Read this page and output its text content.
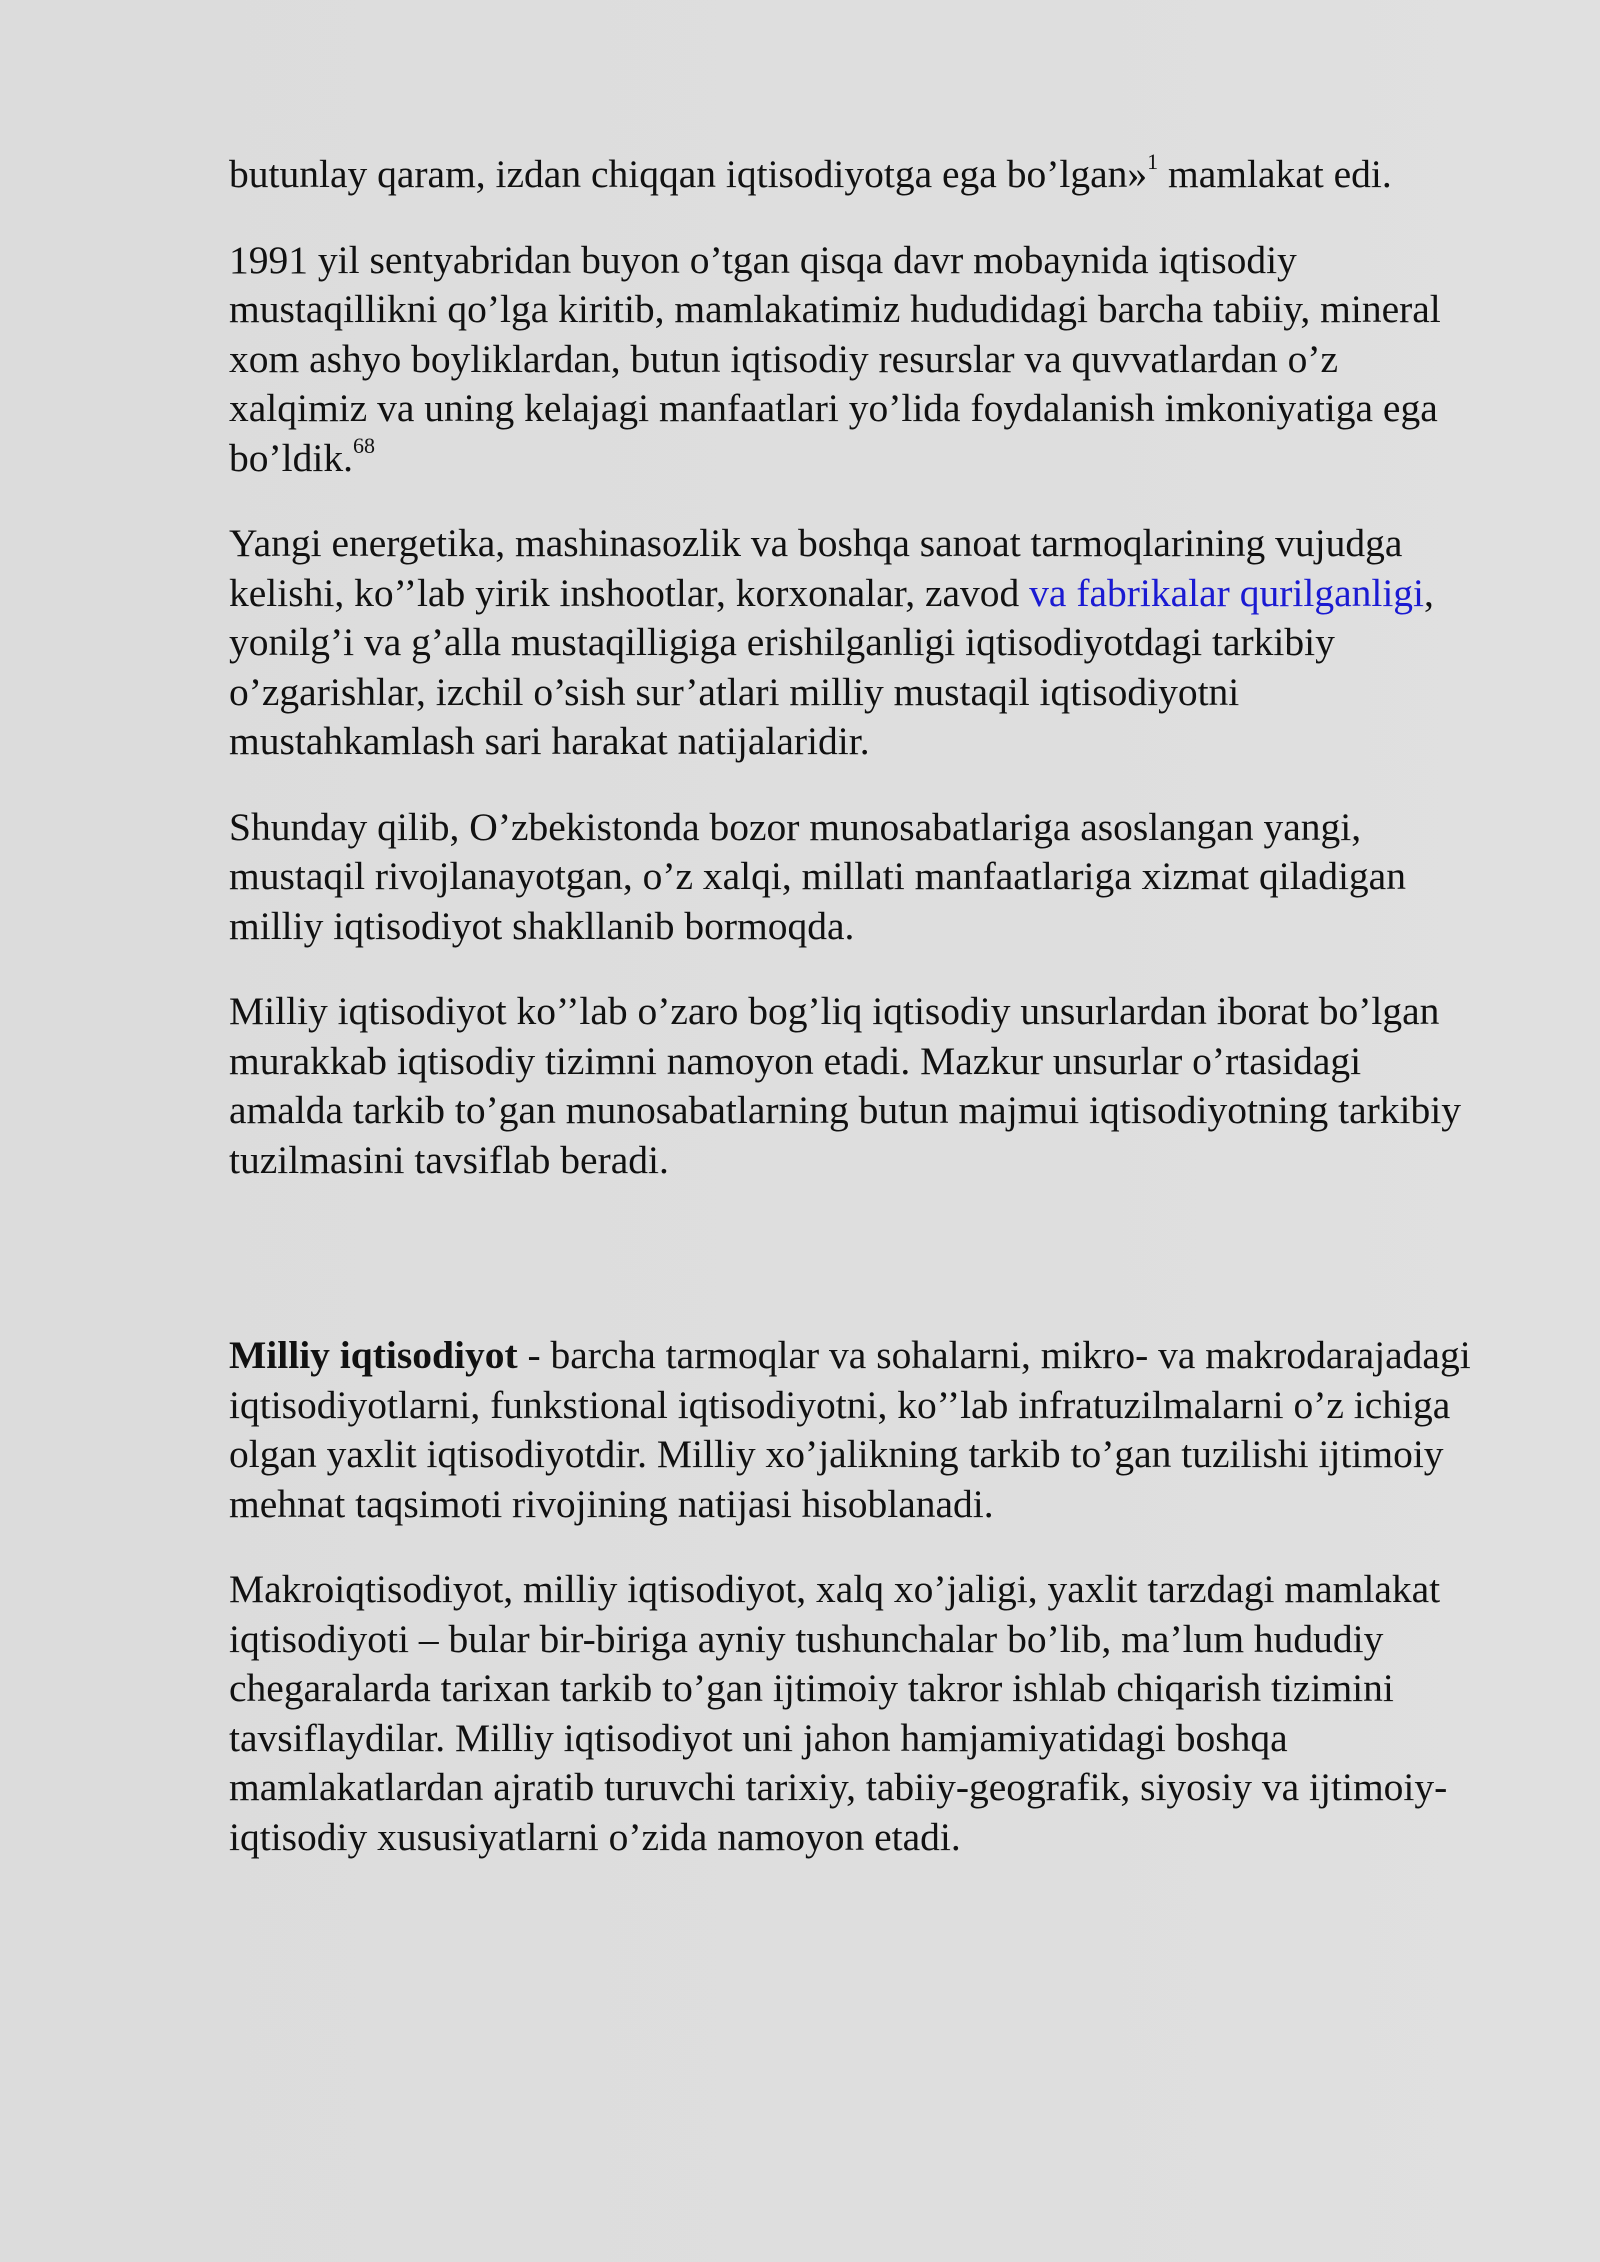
butunlay qaram, izdan chiqqan iqtisodiyotga ega bo’lgan»$^1$ mamlakat edi.

1991 yil sentyabridan buyon o’tgan qisqa davr mobaynida iqtisodiy mustaqillikni qo’lga kiritib, mamlakatimiz hududidagi barcha tabiiy, mineral xom ashyo boyliklardan, butun iqtisodiy resurslar va quvvatlardan o’z xalqimiz va uning kelajagi manfaatlari yo’lida foydalanish imkoniyatiga ega bo’ldik.$^{68}$

Yangi energetika, mashinasozlik va boshqa sanoat tarmoqlarining vujudga kelishi, ko’’lab yirik inshootlar, korxonalar, zavod va fabrikalar qurilganligi, yonilg’i va g’alla mustaqilligiga erishilganligi iqtisodiyotdagi tarkibiy o’zgarishlar, izchil o’sish sur’atlari milliy mustaqil iqtisodiyotni mustahkamlash sari harakat natijalaridir.

Shunday qilib, O’zbekistonda bozor munosabatlariga asoslangan yangi, mustaqil rivojlanayotgan, o’z xalqi, millati manfaatlariga xizmat qiladigan milliy iqtisodiyot shakllanib bormoqda.

Milliy iqtisodiyot ko’’lab o’zaro bog’liq iqtisodiy unsurlardan iborat bo’lgan murakkab iqtisodiy tizimni namoyon etadi. Mazkur unsurlar o’rtasidagi amalda tarkib to’gan munosabatlarning butun majmui iqtisodiyotning tarkibiy tuzilmasini tavsiflab beradi.

Milliy iqtisodiyot - barcha tarmoqlar va sohalarni, mikro- va makrodarajadagi iqtisodiyotlarni, funkstional iqtisodiyotni, ko’’lab infratuzilmalarni o’z ichiga olgan yaxlit iqtisodiyotdir. Milliy xo’jalikning tarkib to’gan tuzilishi ijtimoiy mehnat taqsimoti rivojining natijasi hisoblanadi.

Makroiqtisodiyot, milliy iqtisodiyot, xalq xo’jaligi, yaxlit tarzdagi mamlakat iqtisodiyoti – bular bir-biriga ayniy tushunchalar bo’lib, ma’lum hududiy chegaralarda tarixan tarkib to’gan ijtimoiy takror ishlab chiqarish tizimini tavsiflaydilar. Milliy iqtisodiyot uni jahon hamjamiyatidagi boshqa mamlakatlardan ajratib turuvchi tarixiy, tabiiy-geografik, siyosiy va ijtimoiy-iqtisodiy xususiyatlarni o’zida namoyon etadi.
